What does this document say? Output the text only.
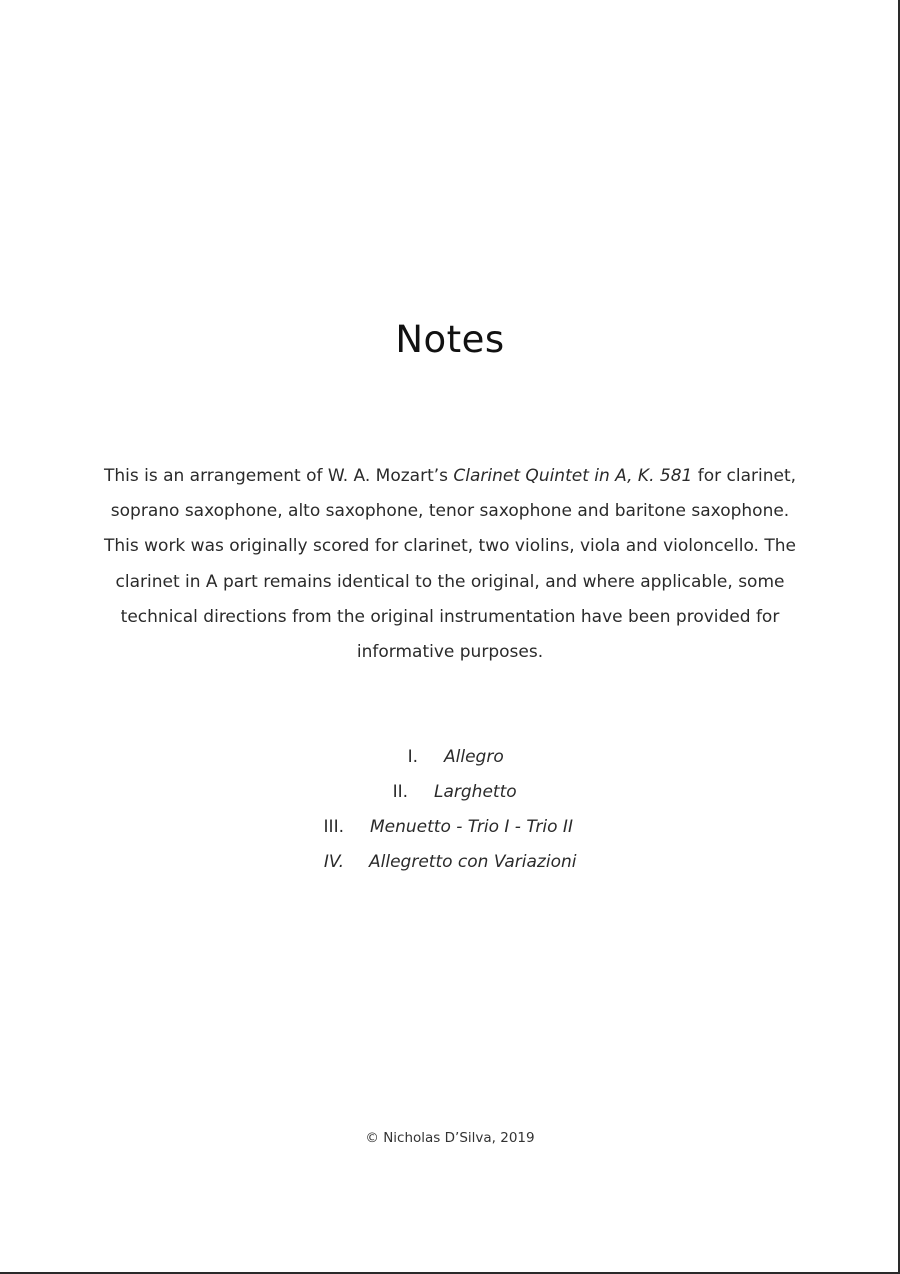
Notes

This is an arrangement of W. A. Mozart’s Clarinet Quintet in A, K. 581 for clarinet, soprano saxophone, alto saxophone, tenor saxophone and baritone saxophone. This work was originally scored for clarinet, two violins, viola and violoncello. The clarinet in A part remains identical to the original, and where applicable, some technical directions from the original instrumentation have been provided for informative purposes.

I. Allegro
II. Larghetto
III. Menuetto - Trio I - Trio II
IV. Allegretto con Variazioni

© Nicholas D’Silva, 2019
